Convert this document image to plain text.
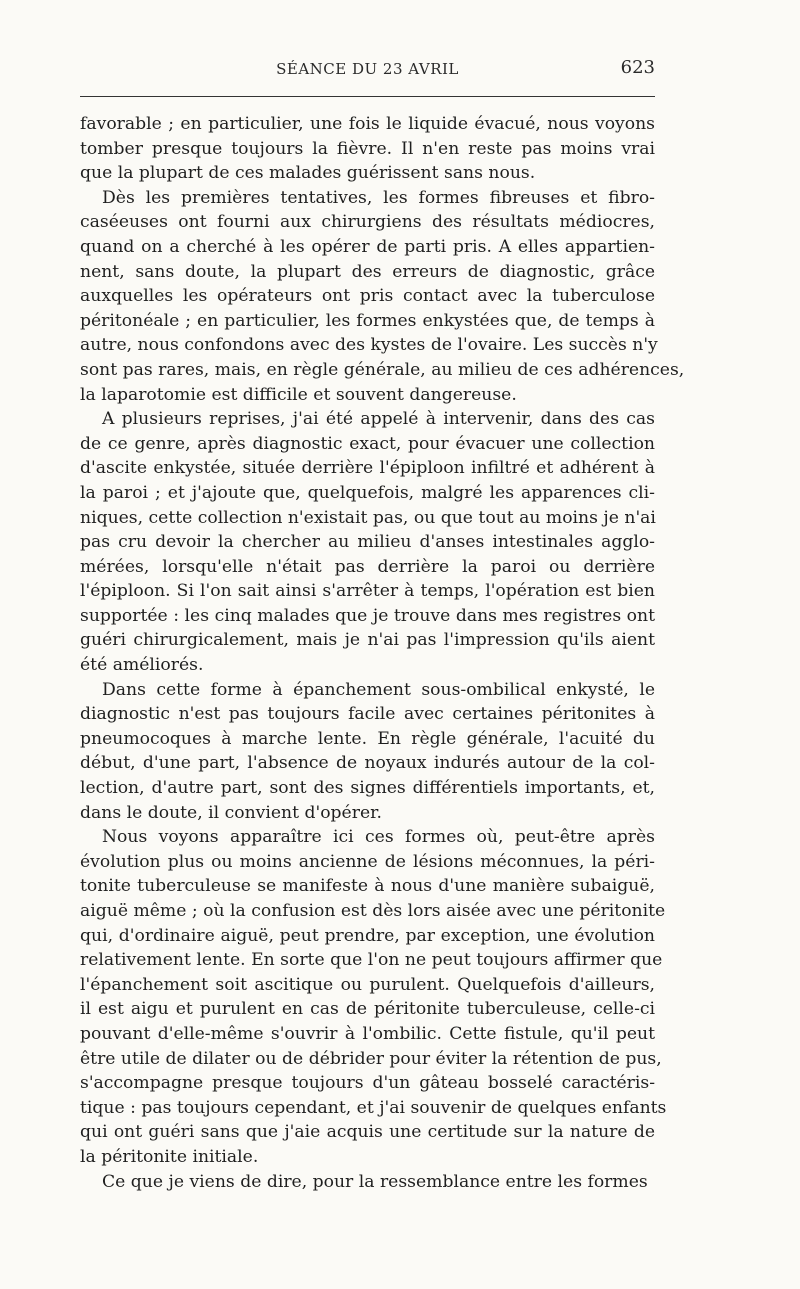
SÉANCE DU 23 AVRIL	623

favorable ; en particulier, une fois le liquide évacué, nous voyons
tomber presque toujours la fièvre. Il n'en reste pas moins vrai
que la plupart de ces malades guérissent sans nous.

Dès les premières tentatives, les formes fibreuses et fibro-
caséeuses ont fourni aux chirurgiens des résultats médiocres,
quand on a cherché à les opérer de parti pris. A elles appartien-
nent, sans doute, la plupart des erreurs de diagnostic, grâce
auxquelles les opérateurs ont pris contact avec la tuberculose
péritonéale ; en particulier, les formes enkystées que, de temps à
autre, nous confondons avec des kystes de l'ovaire. Les succès n'y
sont pas rares, mais, en règle générale, au milieu de ces adhérences,
la laparotomie est difficile et souvent dangereuse.

A plusieurs reprises, j'ai été appelé à intervenir, dans des cas
de ce genre, après diagnostic exact, pour évacuer une collection
d'ascite enkystée, située derrière l'épiploon infiltré et adhérent à
la paroi ; et j'ajoute que, quelquefois, malgré les apparences cli-
niques, cette collection n'existait pas, ou que tout au moins je n'ai
pas cru devoir la chercher au milieu d'anses intestinales agglo-
mérées, lorsqu'elle n'était pas derrière la paroi ou derrière
l'épiploon. Si l'on sait ainsi s'arrêter à temps, l'opération est bien
supportée : les cinq malades que je trouve dans mes registres ont
guéri chirurgicalement, mais je n'ai pas l'impression qu'ils aient
été améliorés.

Dans cette forme à épanchement sous-ombilical enkysté, le
diagnostic n'est pas toujours facile avec certaines péritonites à
pneumocoques à marche lente. En règle générale, l'acuité du
début, d'une part, l'absence de noyaux indurés autour de la col-
lection, d'autre part, sont des signes différentiels importants, et,
dans le doute, il convient d'opérer.

Nous voyons apparaître ici ces formes où, peut-être après
évolution plus ou moins ancienne de lésions méconnues, la péri-
tonite tuberculeuse se manifeste à nous d'une manière subaiguë,
aiguë même ; où la confusion est dès lors aisée avec une péritonite
qui, d'ordinaire aiguë, peut prendre, par exception, une évolution
relativement lente. En sorte que l'on ne peut toujours affirmer que
l'épanchement soit ascitique ou purulent. Quelquefois d'ailleurs,
il est aigu et purulent en cas de péritonite tuberculeuse, celle-ci
pouvant d'elle-même s'ouvrir à l'ombilic. Cette fistule, qu'il peut
être utile de dilater ou de débrider pour éviter la rétention de pus,
s'accompagne presque toujours d'un gâteau bosselé caractéris-
tique : pas toujours cependant, et j'ai souvenir de quelques enfants
qui ont guéri sans que j'aie acquis une certitude sur la nature de
la péritonite initiale.

Ce que je viens de dire, pour la ressemblance entre les formes
